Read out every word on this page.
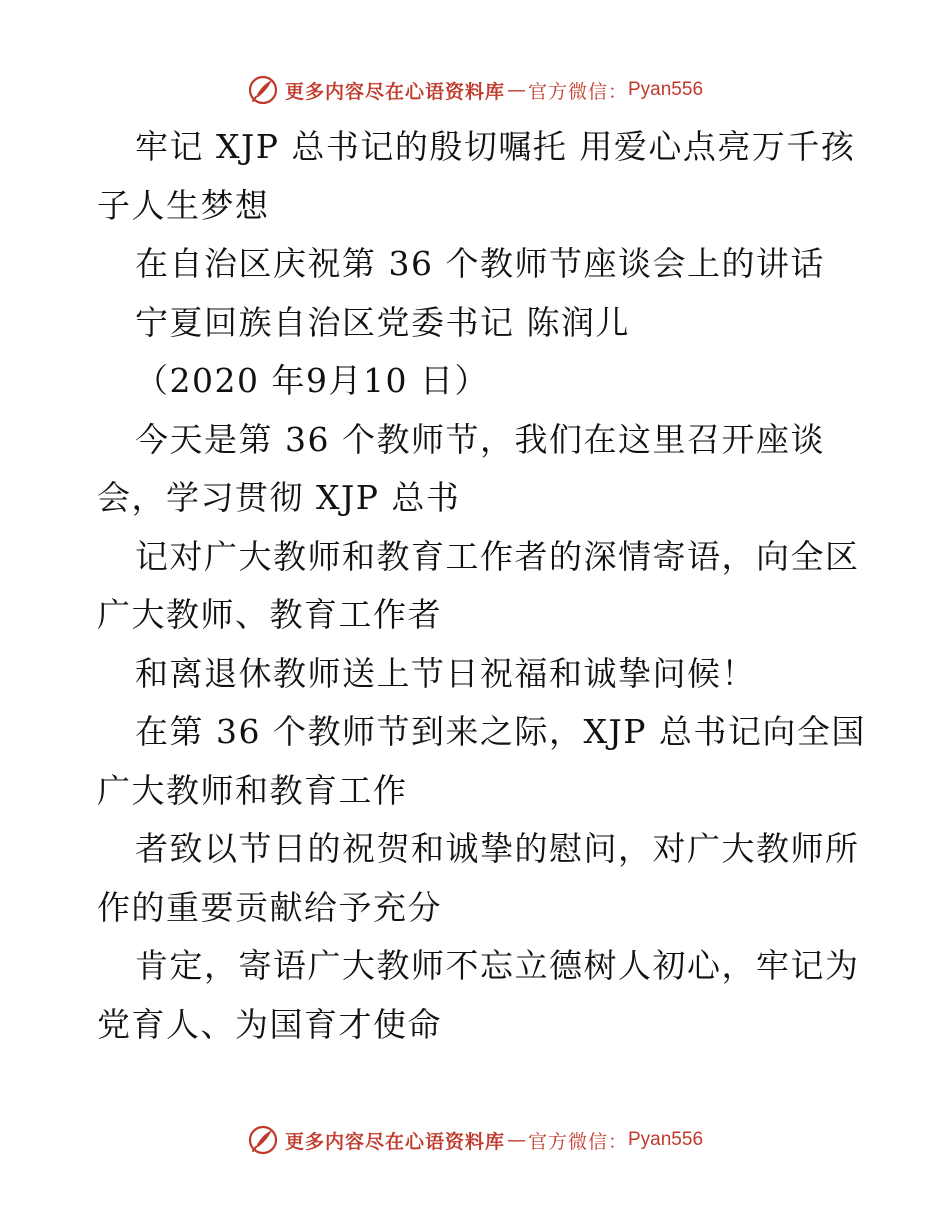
更多内容尽在心语资料库 — 官方微信： Pyan556
牢记 XJP 总书记的殷切嘱托 用爱心点亮万千孩
子人生梦想
在自治区庆祝第 36 个教师节座谈会上的讲话
宁夏回族自治区党委书记 陈润儿
（2020 年9月10 日）
今天是第 36 个教师节，我们在这里召开座谈
会，学习贯彻 XJP 总书
记对广大教师和教育工作者的深情寄语，向全区
广大教师、教育工作者
和离退休教师送上节日祝福和诚挚问候！
在第 36 个教师节到来之际，XJP 总书记向全国
广大教师和教育工作
者致以节日的祝贺和诚挚的慰问，对广大教师所
作的重要贡献给予充分
肯定，寄语广大教师不忘立德树人初心，牢记为
党育人、为国育才使命
更多内容尽在心语资料库 — 官方微信： Pyan556
